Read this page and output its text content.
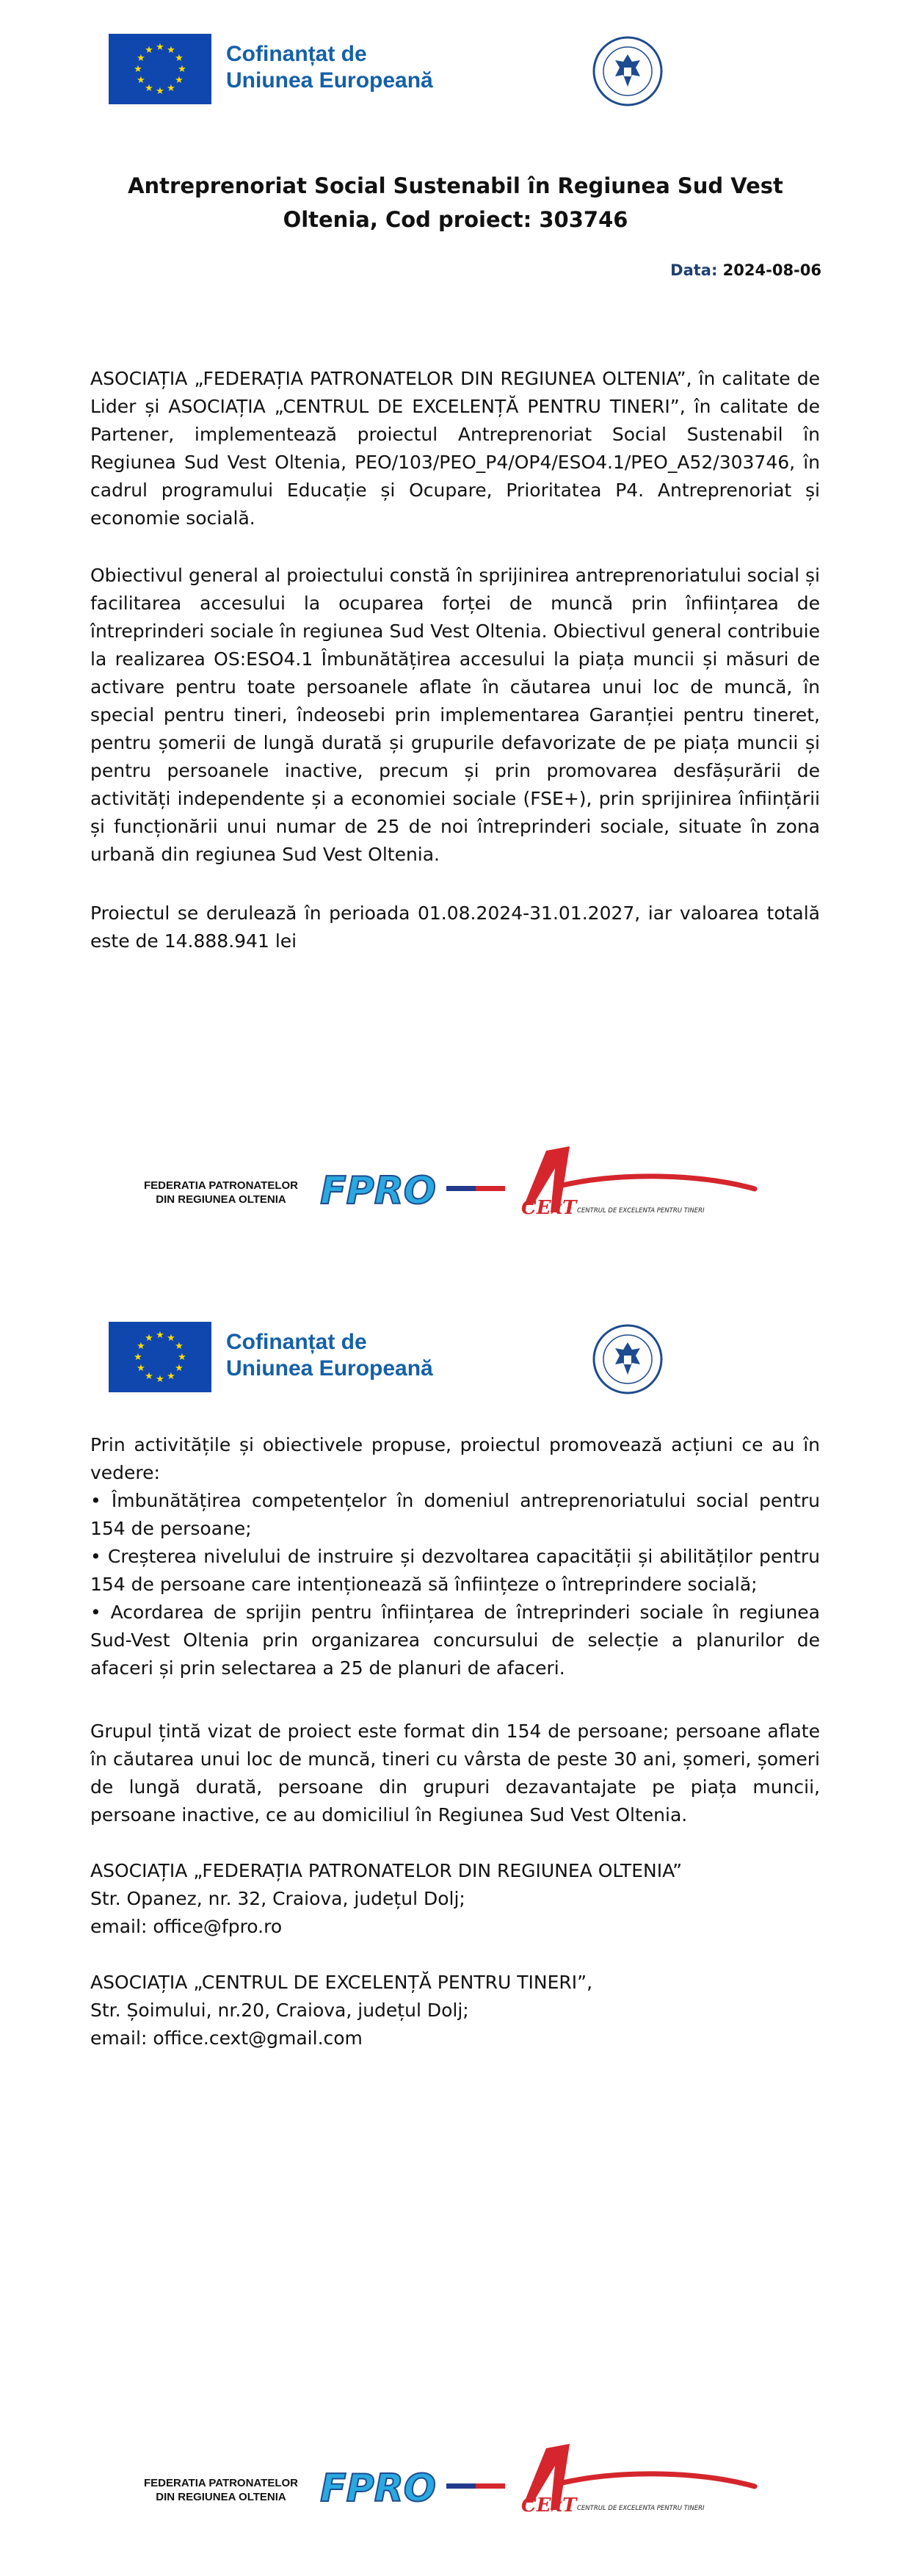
★
★
★
★
★
★
★
★
★ ★ ★
★ Cofinanțat de
Uniunea Europeană
Antreprenoriat Social Sustenabil în Regiunea Sud Vest Oltenia, Cod proiect: 303746
Data: 2024-08-06

ASOCIAȚIA „FEDERAȚIA PATRONATELOR DIN REGIUNEA OLTENIA”, în calitate de Lider și ASOCIAȚIA „CENTRUL DE EXCELENȚĂ PENTRU TINERI”, în calitate de Partener, implementează proiectul Antreprenoriat Social Sustenabil în Regiunea Sud Vest Oltenia, PEO/103/PEO_P4/OP4/ESO4.1/PEO_A52/303746, în cadrul programului Educație și Ocupare, Prioritatea P4. Antreprenoriat și economie socială.

Obiectivul general al proiectului constă în sprijinirea antreprenoriatului social și facilitarea accesului la ocuparea forței de muncă prin înființarea de întreprinderi sociale în regiunea Sud Vest Oltenia. Obiectivul general contribuie la realizarea OS:ESO4.1 Îmbunătățirea accesului la piața muncii și măsuri de activare pentru toate persoanele aflate în căutarea unui loc de muncă, în special pentru tineri, îndeosebi prin implementarea Garanției pentru tineret, pentru șomerii de lungă durată și grupurile defavorizate de pe piața muncii și pentru persoanele inactive, precum și prin promovarea desfășurării de activități independente și a economiei sociale (FSE+), prin sprijinirea înființării și funcționării unui numar de 25 de noi întreprinderi sociale, situate în zona urbană din regiunea Sud Vest Oltenia.

Proiectul se derulează în perioada 01.08.2024-31.01.2027, iar valoarea totală este de 14.888.941 lei

FEDERATIA PATRONATELOR
DIN REGIUNEA OLTENIA FPRO	CExT CENTRUL DE EXCELENTA PENTRU TINERI
★
★
★
★
★
★
★
★
★ ★ ★
★ Cofinanțat de
Uniunea Europeană

Prin activitățile și obiectivele propuse, proiectul promovează acțiuni ce au în vedere:

• Îmbunătățirea competențelor în domeniul antreprenoriatului social pentru 154 de persoane;
• Creșterea nivelului de instruire și dezvoltarea capacității și abilităților pentru 154 de persoane care intenționează să înființeze o întreprindere socială;
• Acordarea de sprijin pentru înființarea de întreprinderi sociale în regiunea Sud-Vest Oltenia prin organizarea concursului de selecție a planurilor de afaceri și prin selectarea a 25 de planuri de afaceri.

Grupul țintă vizat de proiect este format din 154 de persoane; persoane aflate în căutarea unui loc de muncă, tineri cu vârsta de peste 30 ani, șomeri, șomeri de lungă durată, persoane din grupuri dezavantajate pe piața muncii, persoane inactive, ce au domiciliul în Regiunea Sud Vest Oltenia.

ASOCIAȚIA „FEDERAȚIA PATRONATELOR DIN REGIUNEA OLTENIA”
Str. Opanez, nr. 32, Craiova, județul Dolj;
email: office@fpro.ro
ASOCIAȚIA „CENTRUL DE EXCELENȚĂ PENTRU TINERI”,
Str. Șoimului, nr.20, Craiova, județul Dolj;
email: office.cext@gmail.com
FEDERATIA PATRONATELOR
DIN REGIUNEA OLTENIA FPRO	CExT CENTRUL DE EXCELENTA PENTRU TINERI
